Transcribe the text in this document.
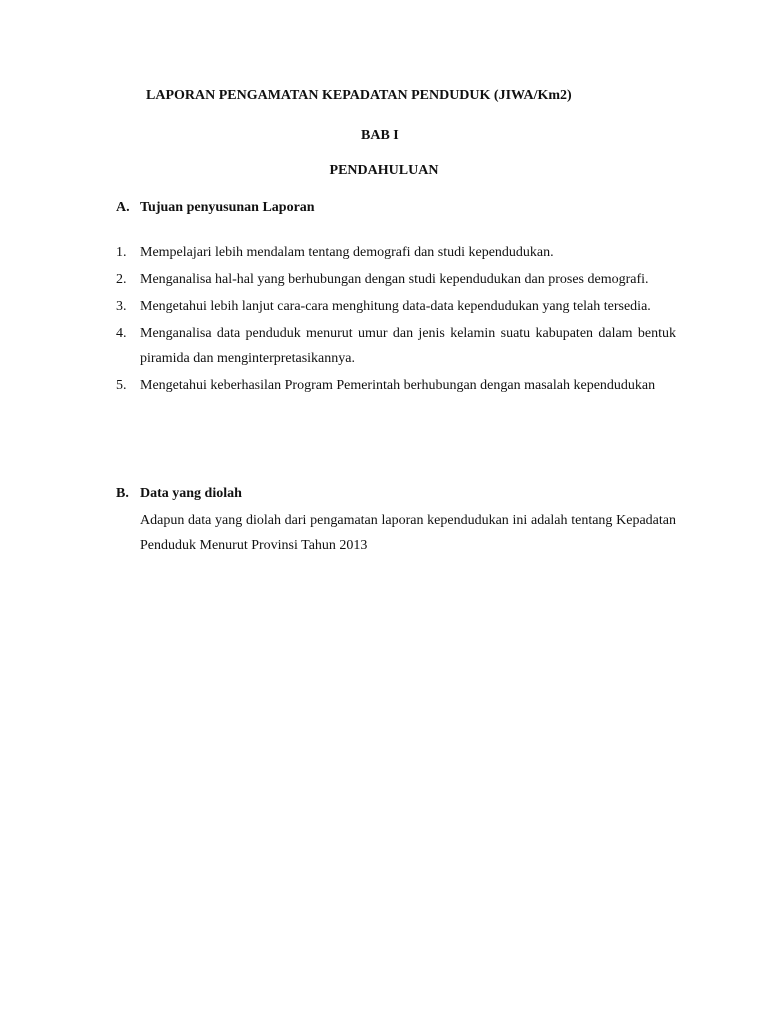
LAPORAN PENGAMATAN KEPADATAN PENDUDUK (JIWA/Km2)
BAB I
PENDAHULUAN
A. Tujuan penyusunan Laporan
1. Mempelajari lebih mendalam tentang demografi dan studi kependudukan.
2. Menganalisa hal-hal yang berhubungan dengan studi kependudukan dan proses demografi.
3. Mengetahui lebih lanjut cara-cara menghitung data-data kependudukan yang telah tersedia.
4. Menganalisa data penduduk menurut umur dan jenis kelamin suatu kabupaten dalam bentuk piramida dan menginterpretasikannya.
5. Mengetahui keberhasilan Program Pemerintah berhubungan dengan masalah kependudukan
B. Data yang diolah

Adapun data yang diolah dari pengamatan laporan kependudukan ini adalah tentang Kepadatan Penduduk Menurut Provinsi Tahun 2013
